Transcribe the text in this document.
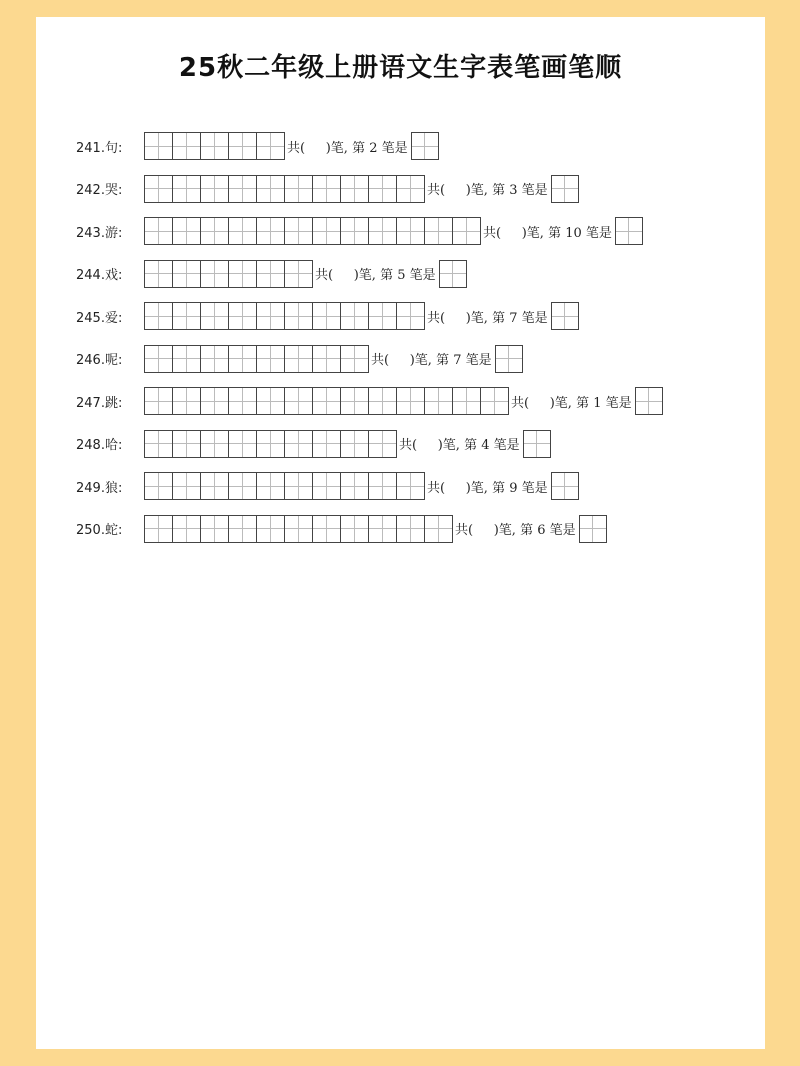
25秋二年级上册语文生字表笔画笔顺
241.句:	共(     )笔, 第 2 笔是
242.哭:	共(     )笔, 第 3 笔是
243.游:	共(     )笔, 第 10 笔是
244.戏:	共(     )笔, 第 5 笔是
245.爱:	共(     )笔, 第 7 笔是
246.呢:	共(     )笔, 第 7 笔是
247.跳:	共(     )笔, 第 1 笔是
248.哈:	共(     )笔, 第 4 笔是
249.狼:	共(     )笔, 第 9 笔是
250.蛇:	共(     )笔, 第 6 笔是
